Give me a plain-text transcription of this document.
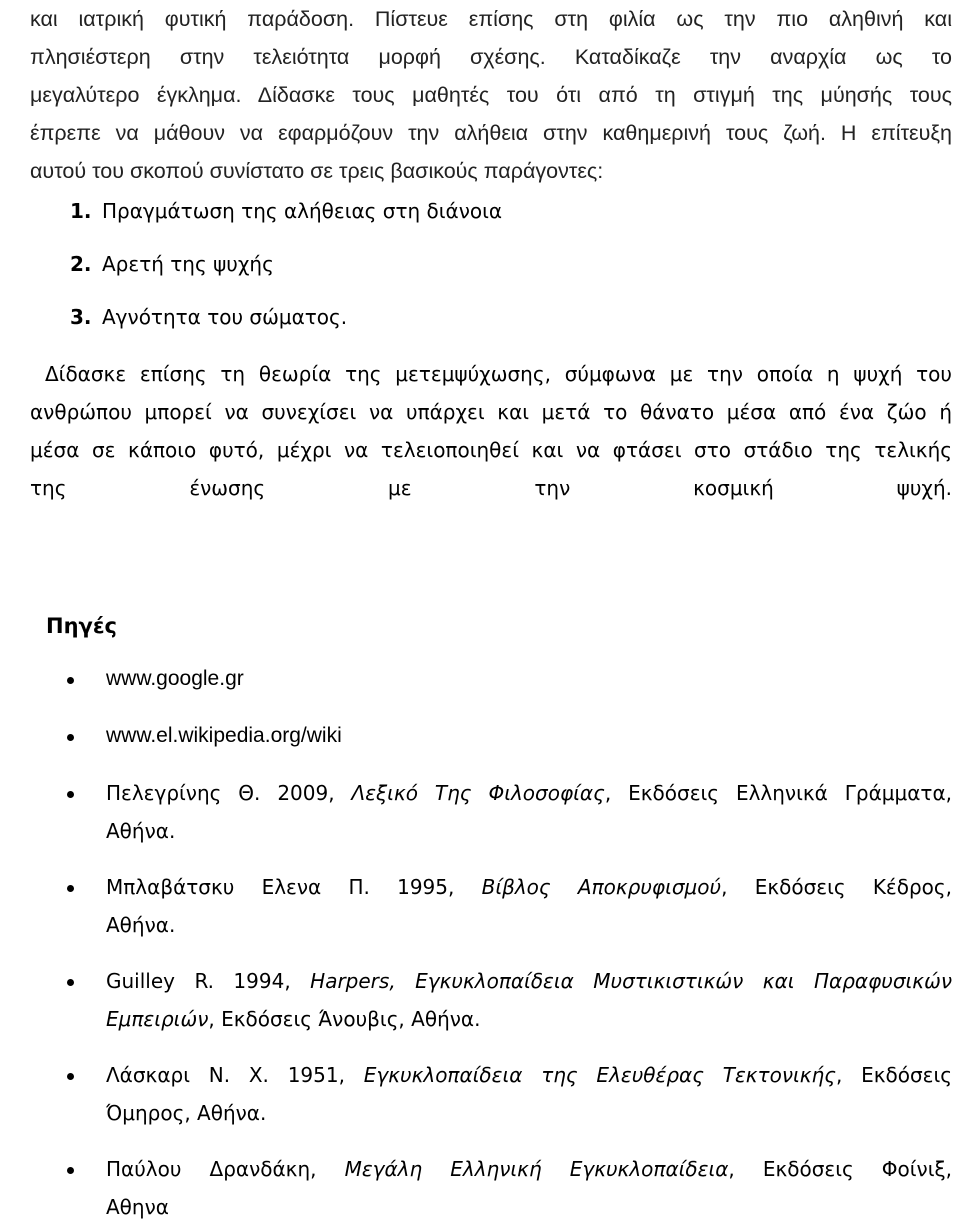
και ιατρική φυτική παράδοση. Πίστευε επίσης στη φιλία ως την πιο αληθινή και
πλησιέστερη στην τελειότητα μορφή σχέσης. Καταδίκαζε την αναρχία ως το
μεγαλύτερο έγκλημα. Δίδασκε τους μαθητές του ότι από τη στιγμή της μύησής τους
έπρεπε να μάθουν να εφαρμόζουν την αλήθεια στην καθημερινή τους ζωή. Η επίτευξη
αυτού του σκοπού συνίστατο σε τρεις βασικούς παράγοντες:
1. Πραγμάτωση της αλήθειας στη διάνοια
2. Αρετή της ψυχής
3. Αγνότητα του σώματος.
Δίδασκε επίσης τη θεωρία της μετεμψύχωσης, σύμφωνα με την οποία η ψυχή του
ανθρώπου μπορεί να συνεχίσει να υπάρχει και μετά το θάνατο μέσα από ένα ζώο ή
μέσα σε κάποιο φυτό, μέχρι να τελειοποιηθεί και να φτάσει στο στάδιο της τελικής
της ένωσης με την κοσμική ψυχή.
Πηγές
www.google.gr
www.el.wikipedia.org/wiki
Πελεγρίνης Θ. 2009, Λεξικό Της Φιλοσοφίας, Εκδόσεις Ελληνικά Γράμματα,
Αθήνα.
Μπλαβάτσκυ Ελενα Π. 1995, Βίβλος Αποκρυφισμού, Εκδόσεις Κέδρος,
Αθήνα.
Guilley R. 1994, Harpers, Εγκυκλοπαίδεια Μυστικιστικών και Παραφυσικών
Εμπειριών, Εκδόσεις Άνουβις, Αθήνα.
Λάσκαρι Ν. Χ. 1951, Εγκυκλοπαίδεια της Ελευθέρας Τεκτονικής, Εκδόσεις
Όμηρος, Αθήνα.
Παύλου Δρανδάκη, Μεγάλη Ελληνική Εγκυκλοπαίδεια, Εκδόσεις Φοίνιξ,
Αθηνα
